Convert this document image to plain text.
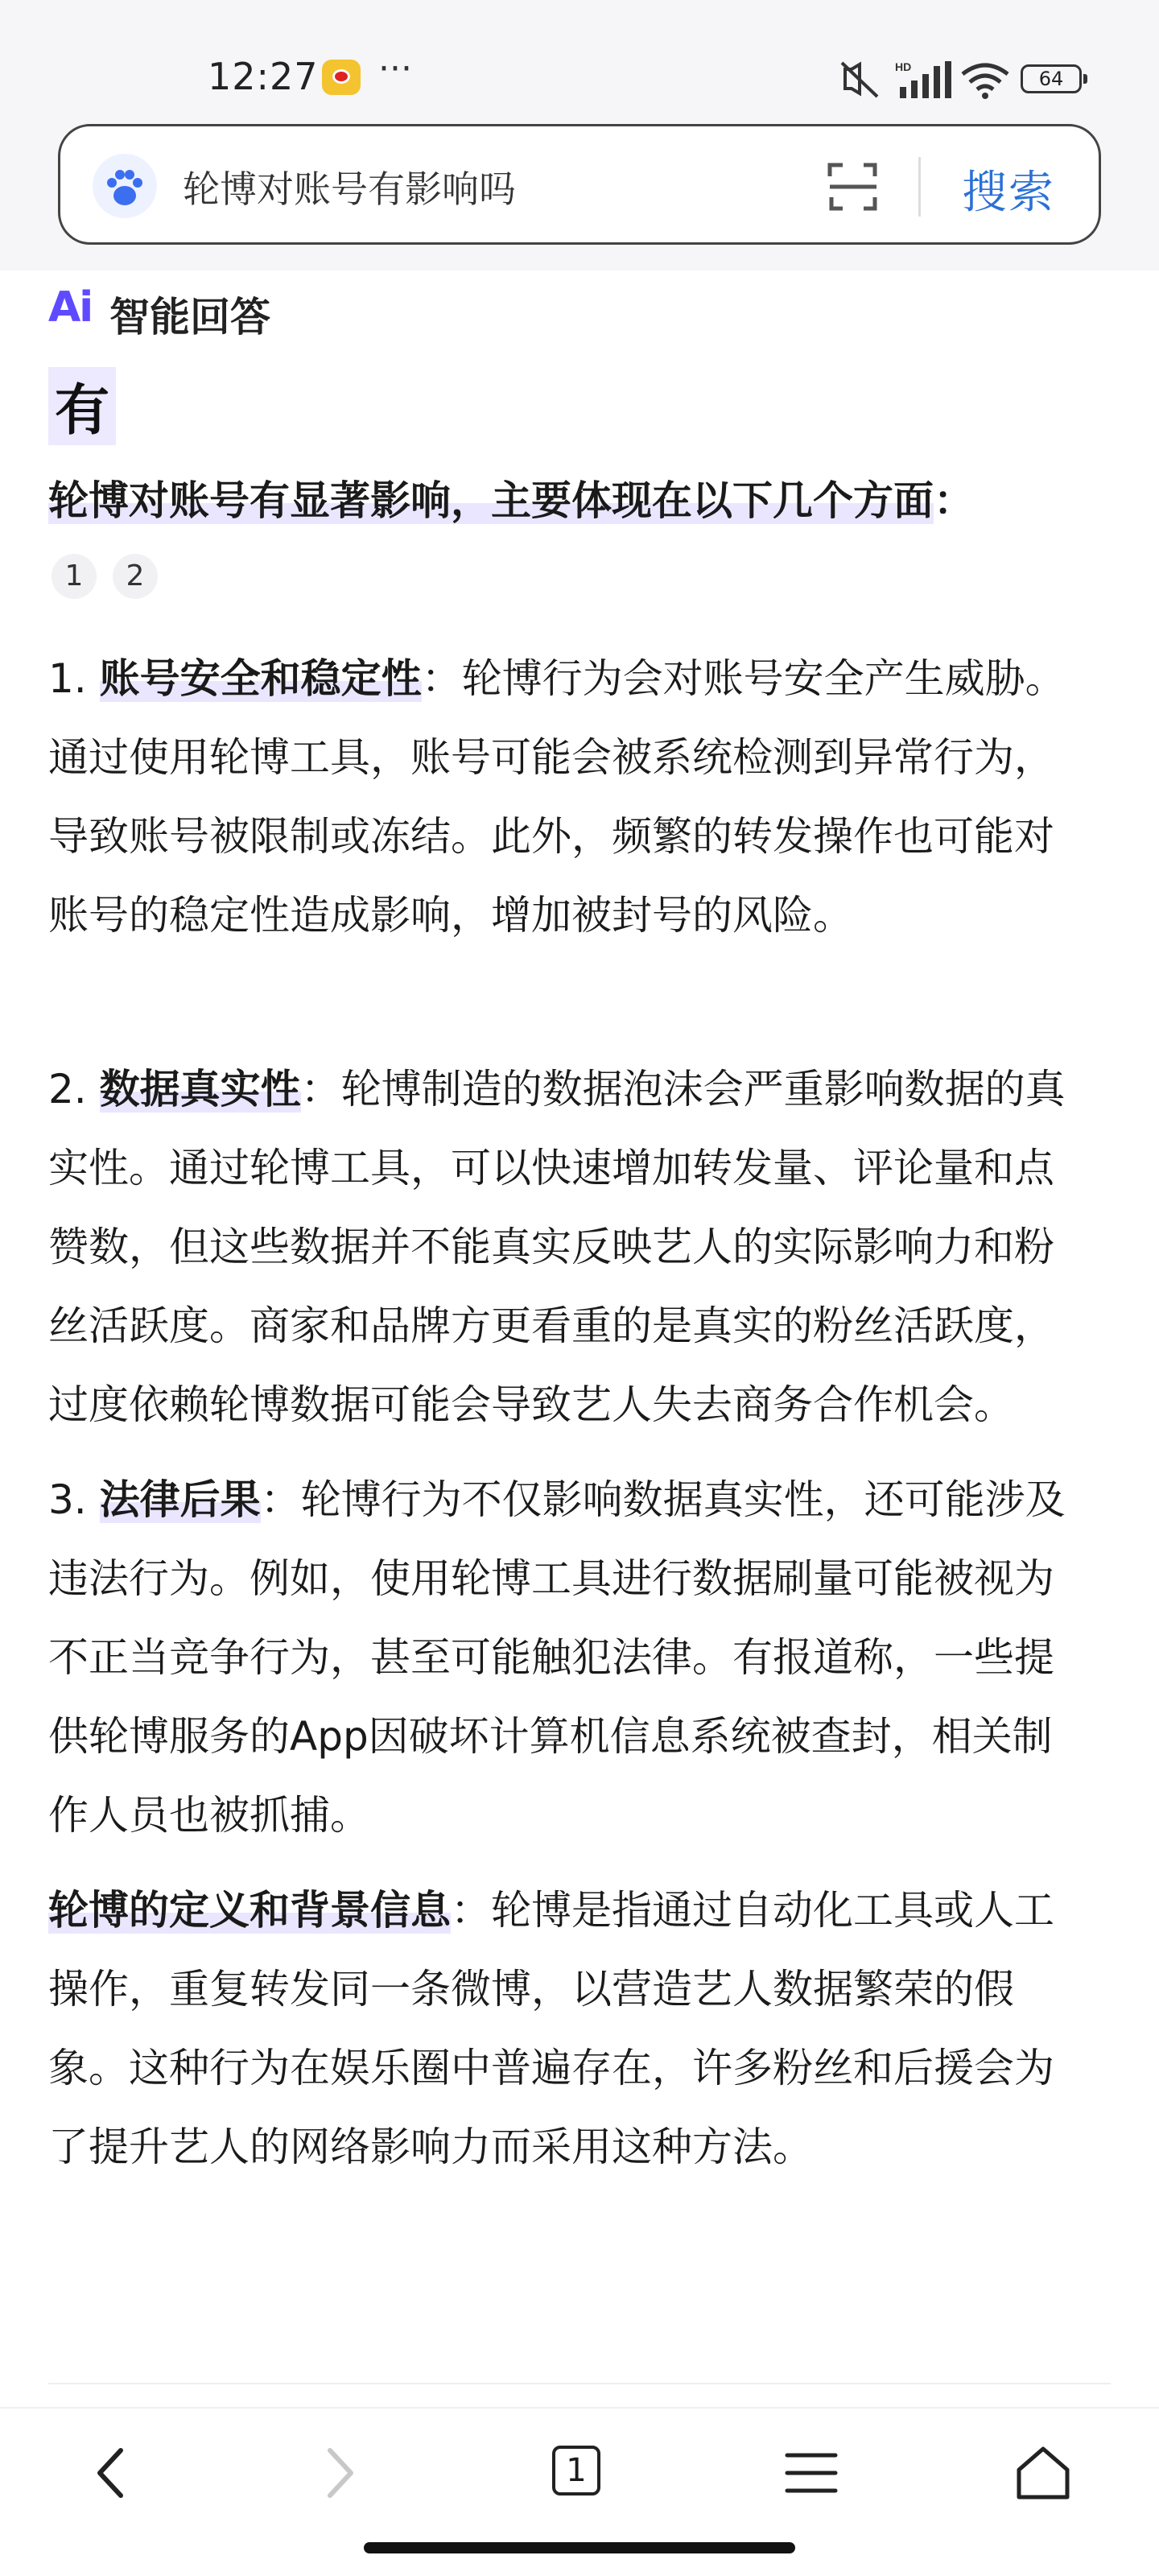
12:27 ···	HD
64
轮博对账号有影响吗	搜索
Ai 智能回答
有
轮博对账号有显著影响，主要体现在以下几个方面：
1 2
1. 账号安全和稳定性：轮博行为会对账号安全产生威胁。通过使用轮博工具，账号可能会被系统检测到异常行为，导致账号被限制或冻结。此外，频繁的转发操作也可能对账号的稳定性造成影响，增加被封号的风险。
2. 数据真实性：轮博制造的数据泡沫会严重影响数据的真实性。通过轮博工具，可以快速增加转发量、评论量和点赞数，但这些数据并不能真实反映艺人的实际影响力和粉丝活跃度。商家和品牌方更看重的是真实的粉丝活跃度，过度依赖轮博数据可能会导致艺人失去商务合作机会。
3. 法律后果：轮博行为不仅影响数据真实性，还可能涉及违法行为。例如，使用轮博工具进行数据刷量可能被视为不正当竞争行为，甚至可能触犯法律。有报道称，一些提供轮博服务的App因破坏计算机信息系统被查封，相关制作人员也被抓捕。
轮博的定义和背景信息：轮博是指通过自动化工具或人工操作，重复转发同一条微博，以营造艺人数据繁荣的假象。这种行为在娱乐圈中普遍存在，许多粉丝和后援会为了提升艺人的网络影响力而采用这种方法。
1
